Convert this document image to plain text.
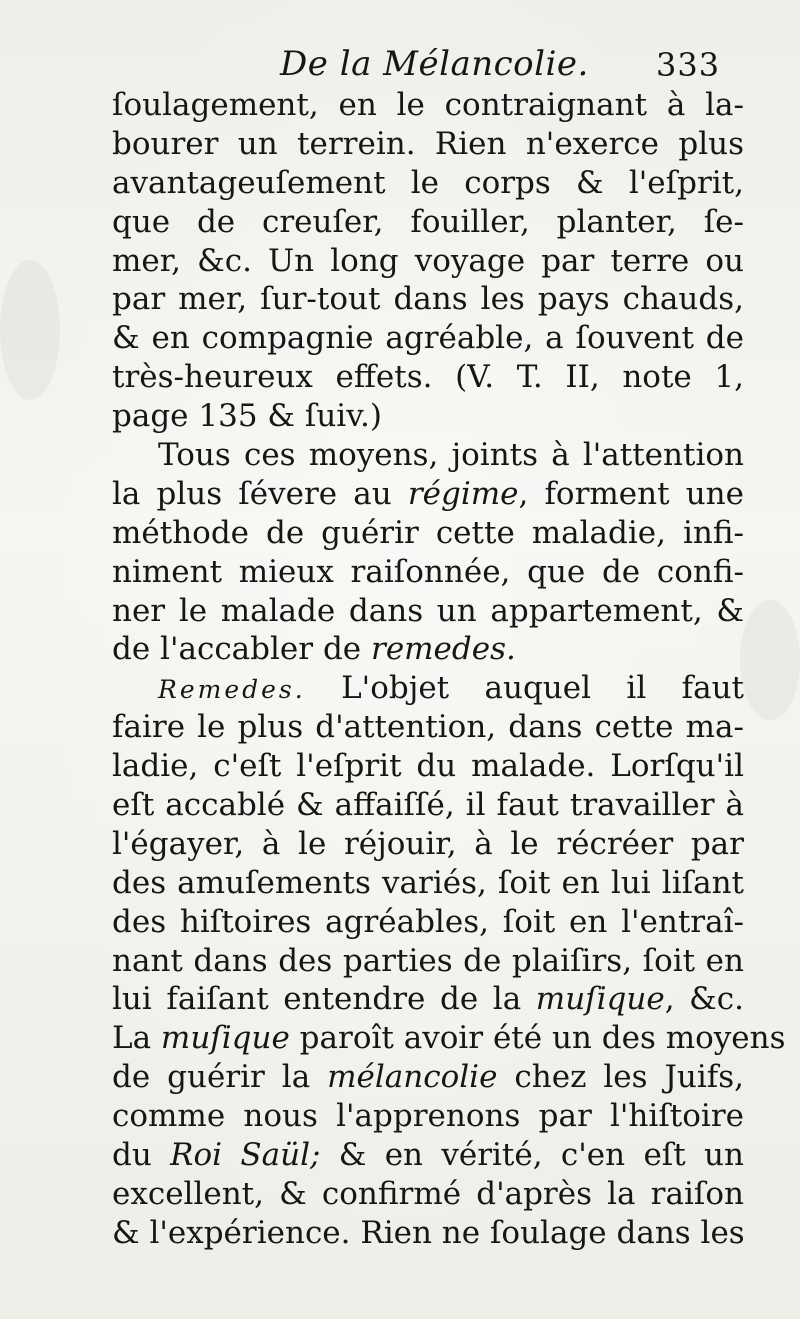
De la Mélancolie. 333
ſoulagement, en le contraignant à la-
bourer un terrein. Rien n'exerce plus
avantageuſement le corps & l'eſprit,
que de creuſer, fouiller, planter, ſe-
mer, &c. Un long voyage par terre ou
par mer, ſur-tout dans les pays chauds,
& en compagnie agréable, a ſouvent de
très-heureux effets. (V. T. II, note 1,
page 135 & ſuiv.)
Tous ces moyens, joints à l'attention
la plus ſévere au régime, forment une
méthode de guérir cette maladie, infi-
niment mieux raiſonnée, que de confi-
ner le malade dans un appartement, &
de l'accabler de remedes.
Remedes. L'objet auquel il faut
faire le plus d'attention, dans cette ma-
ladie, c'eſt l'eſprit du malade. Lorſqu'il
eſt accablé & affaiſſé, il faut travailler à
l'égayer, à le réjouir, à le récréer par
des amuſements variés, ſoit en lui liſant
des hiſtoires agréables, ſoit en l'entraî-
nant dans des parties de plaiſirs, ſoit en
lui faiſant entendre de la muſique, &c.
La muſique paroît avoir été un des moyens
de guérir la mélancolie chez les Juifs,
comme nous l'apprenons par l'hiſtoire
du Roi Saül; & en vérité, c'en eſt un
excellent, & confirmé d'après la raiſon
& l'expérience. Rien ne ſoulage dans les
